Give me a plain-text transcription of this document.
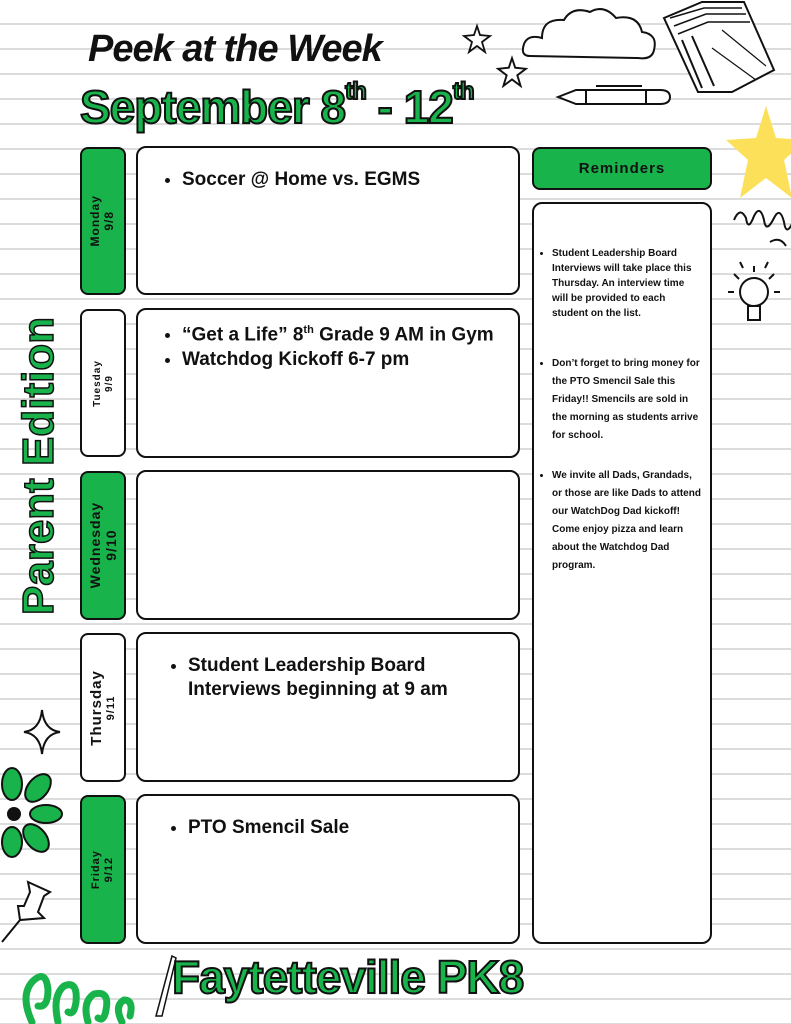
Peek at the Week
September 8th - 12th
Parent Edition
Monday 9/8
• Soccer @ Home vs. EGMS
Tuesday 9/9
• “Get a Life” 8th Grade 9 AM in Gym
• Watchdog Kickoff 6-7 pm
Wednesday 9/10
Thursday 9/11
• Student Leadership Board Interviews beginning at 9 am
Friday 9/12
• PTO Smencil Sale
Reminders
• Student Leadership Board Interviews will take place this Thursday. An interview time will be provided to each student on the list.
• Don’t forget to bring money for the PTO Smencil Sale this Friday!! Smencils are sold in the morning as students arrive for school.
• We invite all Dads, Grandads, or those are like Dads to attend our WatchDog Dad kickoff! Come enjoy pizza and learn about the Watchdog Dad program.
Faytetteville PK8
